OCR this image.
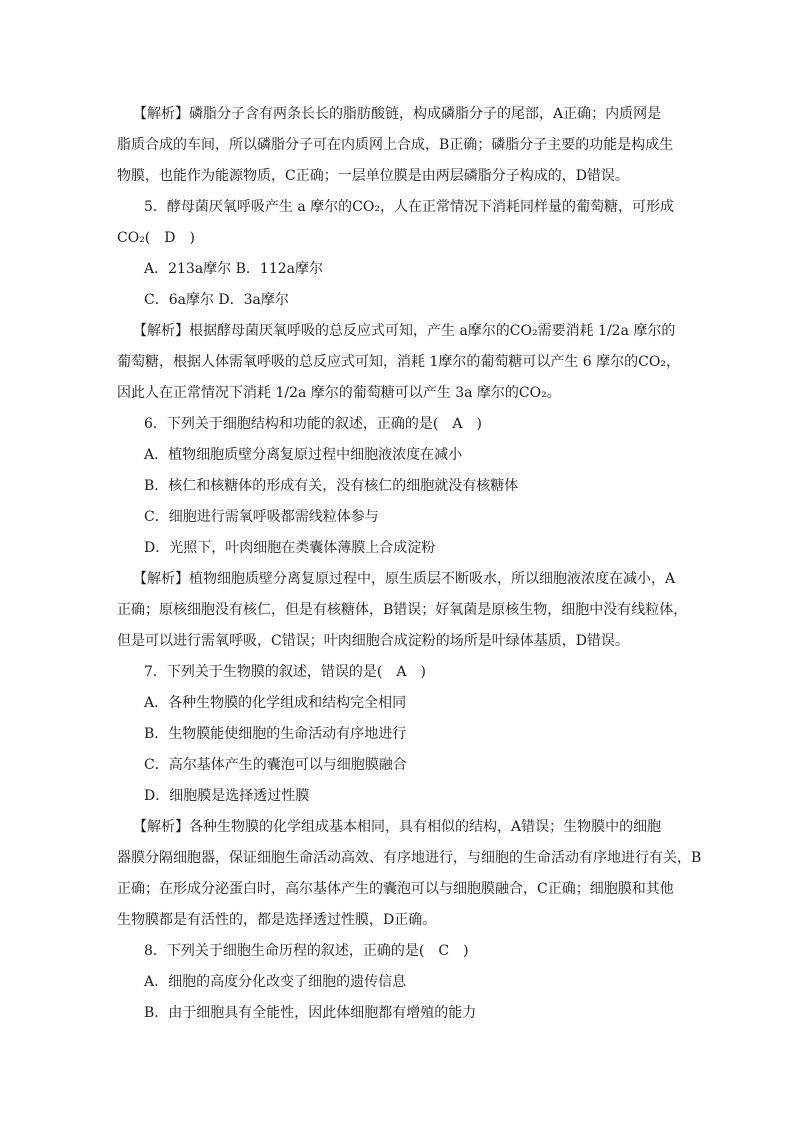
【解析】磷脂分子含有两条长长的脂肪酸链，构成磷脂分子的尾部，A正确；内质网是
脂质合成的车间，所以磷脂分子可在内质网上合成，B正确；磷脂分子主要的功能是构成生
物膜，也能作为能源物质，C正确；一层单位膜是由两层磷脂分子构成的，D错误。
5．酵母菌厌氧呼吸产生 a 摩尔的CO₂，人在正常情况下消耗同样量的葡萄糖，可形成
CO₂(　D　)
A．213a摩尔 B．112a摩尔
C．6a摩尔 D．3a摩尔
【解析】根据酵母菌厌氧呼吸的总反应式可知，产生 a摩尔的CO₂需要消耗 1/2a 摩尔的
葡萄糖，根据人体需氧呼吸的总反应式可知，消耗 1摩尔的葡萄糖可以产生 6 摩尔的CO₂，
因此人在正常情况下消耗 1/2a 摩尔的葡萄糖可以产生 3a 摩尔的CO₂。
6．下列关于细胞结构和功能的叙述，正确的是(　A　)
A．植物细胞质壁分离复原过程中细胞液浓度在减小
B．核仁和核糖体的形成有关，没有核仁的细胞就没有核糖体
C．细胞进行需氧呼吸都需线粒体参与
D．光照下，叶肉细胞在类囊体薄膜上合成淀粉
【解析】植物细胞质壁分离复原过程中，原生质层不断吸水，所以细胞液浓度在减小，A
正确；原核细胞没有核仁，但是有核糖体，B错误；好氧菌是原核生物，细胞中没有线粒体，
但是可以进行需氧呼吸，C错误；叶肉细胞合成淀粉的场所是叶绿体基质，D错误。
7．下列关于生物膜的叙述，错误的是(　A　)
A．各种生物膜的化学组成和结构完全相同
B．生物膜能使细胞的生命活动有序地进行
C．高尔基体产生的囊泡可以与细胞膜融合
D．细胞膜是选择透过性膜
【解析】各种生物膜的化学组成基本相同，具有相似的结构，A错误；生物膜中的细胞
器膜分隔细胞器，保证细胞生命活动高效、有序地进行，与细胞的生命活动有序地进行有关，B
正确；在形成分泌蛋白时，高尔基体产生的囊泡可以与细胞膜融合，C正确；细胞膜和其他
生物膜都是有活性的，都是选择透过性膜，D正确。
8．下列关于细胞生命历程的叙述，正确的是(　C　)
A．细胞的高度分化改变了细胞的遗传信息
B．由于细胞具有全能性，因此体细胞都有增殖的能力
